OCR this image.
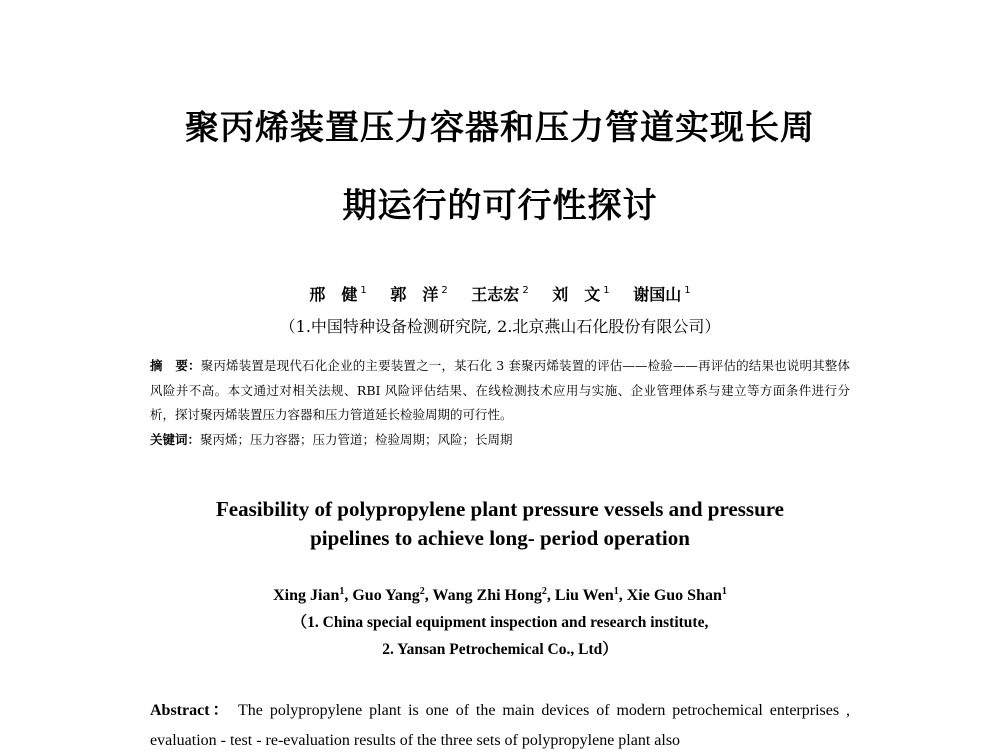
聚丙烯装置压力容器和压力管道实现长周
期运行的可行性探讨
邢　健 $^1$ 郭　洋 $^2$ 王志宏 $^2$ 刘　文 $^1$ 谢国山 $^1$
（1.中国特种设备检测研究院, 2.北京燕山石化股份有限公司）
摘　要：聚丙烯装置是现代石化企业的主要装置之一，某石化 3 套聚丙烯装置的评估——检验——再评估的结果也说明其整体风险并不高。本文通过对相关法规、RBI 风险评估结果、在线检测技术应用与实施、企业管理体系与建立等方面条件进行分析，探讨聚丙烯装置压力容器和压力管道延长检验周期的可行性。
关键词：聚丙烯；压力容器；压力管道；检验周期；风险；长周期
Feasibility of polypropylene plant pressure vessels and pressure
pipelines to achieve long- period operation
Xing Jian$^1$, Guo Yang$^2$, Wang Zhi Hong$^2$, Liu Wen$^1$, Xie Guo Shan$^1$
（1. China special equipment inspection and research institute,
2. Yansan Petrochemical Co., Ltd）
Abstract： The polypropylene plant is one of the main devices of modern petrochemical enterprises , evaluation - test - re-evaluation results of the three sets of polypropylene plant also
